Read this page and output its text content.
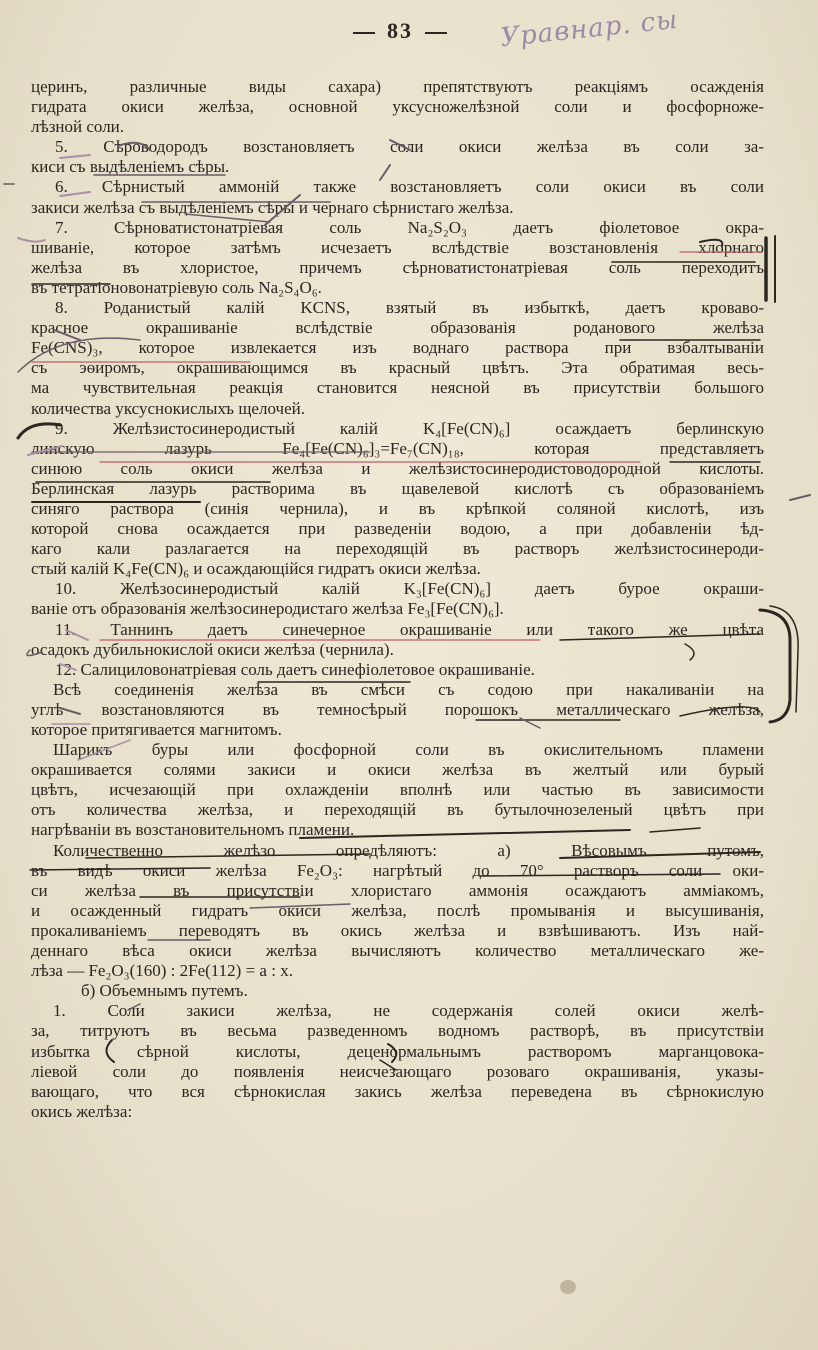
83	Уравнар. сы
церинъ, различные виды сахара) препятствуютъ реакціямъ осажденія
гидрата окиси желѣза, основной уксусножелѣзной соли и фосфорноже-
лѣзной соли.
5. Сѣроводородъ возстановляетъ соли окиси желѣза въ соли за-
киси съ выдѣленіемъ сѣры.
6. Сѣрнистый аммоній также возстановляетъ соли окиси въ соли
закиси желѣза съ выдѣленіемъ сѣры и чернаго сѣрнистаго желѣза.
7. Сѣрноватистонатріевая соль Na₂S₂O₃ даетъ фіолетовое окра-
шиваніе, которое затѣмъ исчезаетъ вслѣдствіе возстановленія хлорнаго
желѣза въ хлористое, причемъ сѣрноватистонатріевая соль переходитъ
въ тетратіоновонатріевую соль Na₂S₄O₆.
8. Роданистый калій KCNS, взятый въ избыткѣ, даетъ кроваво-
красное окрашиваніе вслѣдствіе образованія роданового желѣза
Fe(CNS)₃, которое извлекается изъ воднаго раствора при взбалтываніи
съ эѳиромъ, окрашивающимся въ красный цвѣтъ. Эта обратимая весь-
ма чувствительная реакція становится неясной въ присутствіи большого
количества уксуснокислыхъ щелочей.
9. Желѣзистосинеродистый калій K₄[Fe(CN)₆] осаждаетъ берлинскую
линскую лазурь Fe₄[Fe(CN)₆]₃=Fe₇(CN)₁₈, которая представляетъ
синюю соль окиси желѣза и желѣзистосинеродистоводородной кислоты.
Берлинская лазурь растворима въ щавелевой кислотѣ съ образованіемъ
синяго раствора (синія чернила), и въ крѣпкой соляной кислотѣ, изъ
которой снова осаждается при разведеніи водою, а при добавленіи ѣд-
каго кали разлагается на переходящій въ растворъ желѣзистосинероди-
стый калій K₄Fe(CN)₆ и осаждающійся гидратъ окиси желѣза.
10. Желѣзосинеродистый калій K₃[Fe(CN)₆] даетъ бурое окраши-
ваніе отъ образованія желѣзосинеродистаго желѣза Fe₃[Fe(CN)₆].
11. Таннинъ даетъ синечерное окрашиваніе или такого же цвѣта
осадокъ дубильнокислой окиси желѣза (чернила).
12. Салициловонатріевая соль даетъ синефіолетовое окрашиваніе.
Всѣ соединенія желѣза въ смѣси съ содою при накаливаніи на
углѣ возстановляются въ темносѣрый порошокъ металлическаго желѣза,
которое притягивается магнитомъ.
Шарикъ буры или фосфорной соли въ окислительномъ пламени
окрашивается солями закиси и окиси желѣза въ желтый или бурый
цвѣтъ, исчезающій при охлажденіи вполнѣ или частью въ зависимости
отъ количества желѣза, и переходящій въ бутылочнозеленый цвѣтъ при
нагрѣваніи въ возстановительномъ пламени.
Количественно желѣзо опредѣляютъ: а) Вѣсовымъ путомъ,
въ видѣ окиси желѣза Fe₂O₃: нагрѣтый до 70° растворъ соли оки-
си желѣза въ присутствіи хлористаго аммонія осаждаютъ амміакомъ,
и осажденный гидратъ окиси желѣза, послѣ промыванія и высушиванія,
прокаливаніемъ переводятъ въ окись желѣза и взвѣшиваютъ. Изъ най-
деннаго вѣса окиси желѣза вычисляютъ количество металлическаго же-
лѣза — Fe₂O₃(160) : 2Fe(112) = a : x.
б) Объемнымъ путемъ.
1. Соли закиси желѣза, не содержанія солей окиси желѣ-
за, титруютъ въ весьма разведенномъ водномъ растворѣ, въ присутствіи
избытка сѣрной кислоты, деценормальнымъ растворомъ марганцовока-
ліевой соли до появленія неисчезающаго розоваго окрашиванія, указы-
вающаго, что вся сѣрнокислая закись желѣза переведена въ сѣрнокислую
окись желѣза:
